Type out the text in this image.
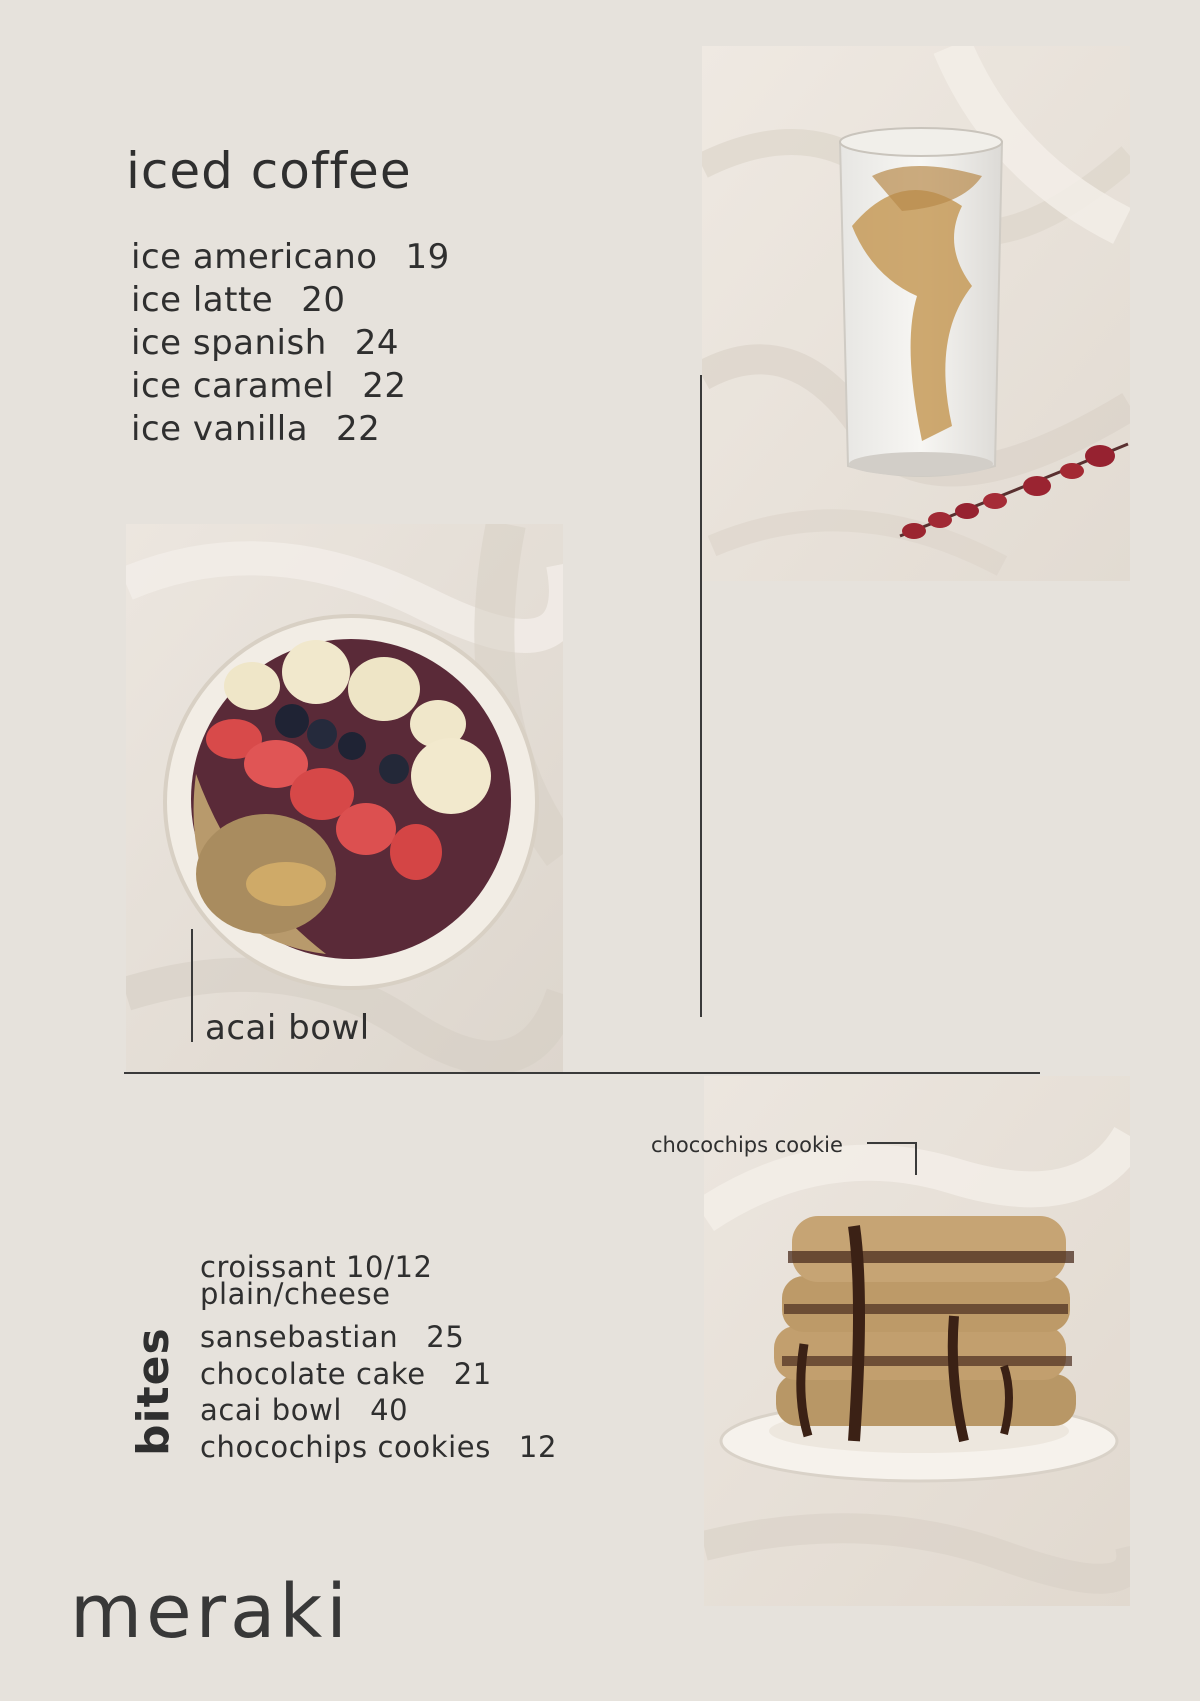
iced coffee
ice americano 19
ice latte 20
ice spanish 24
ice caramel 22
ice vanilla 22
acai bowl
chocochips cookie
bites
croissant 10/12
plain/cheese
sansebastian 25
chocolate cake 21
acai bowl 40
chocochips cookies 12
meraki
